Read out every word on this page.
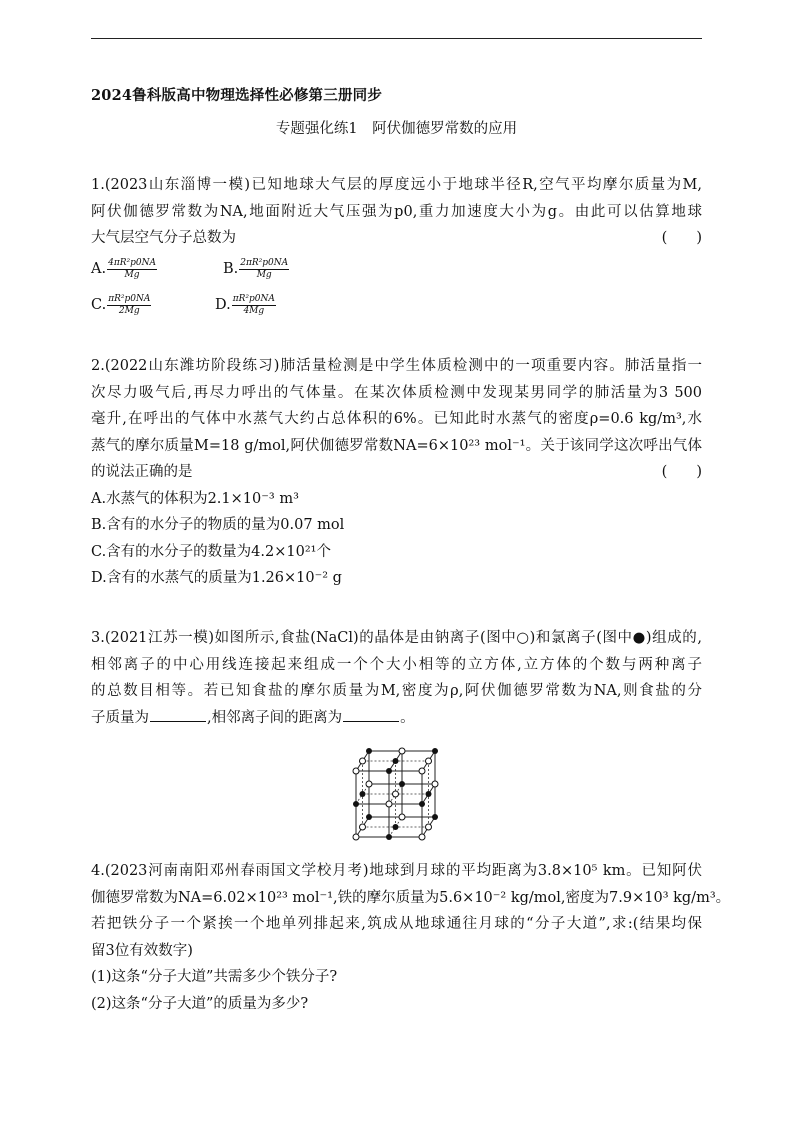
2024鲁科版高中物理选择性必修第三册同步
专题强化练1　阿伏伽德罗常数的应用
1.(2023山东淄博一模)已知地球大气层的厚度远小于地球半径R,空气平均摩尔质量为M,
阿伏伽德罗常数为NA,地面附近大气压强为p0,重力加速度大小为g。由此可以估算地球
大气层空气分子总数为	(　　)
A. $\frac{\text{4πR²p0NA}}{Mg}$	B. $\frac{\text{2πR²p0NA}}{Mg}$
C. $\frac{\text{πR²p0NA}}{2Mg}$	D. $\frac{\text{πR²p0NA}}{4Mg}$
2.(2022山东潍坊阶段练习)肺活量检测是中学生体质检测中的一项重要内容。肺活量指一
次尽力吸气后,再尽力呼出的气体量。在某次体质检测中发现某男同学的肺活量为3 500
毫升,在呼出的气体中水蒸气大约占总体积的6%。已知此时水蒸气的密度ρ=0.6 kg/m³,水
蒸气的摩尔质量M=18 g/mol,阿伏伽德罗常数NA=6×10²³ mol⁻¹。关于该同学这次呼出气体
的说法正确的是	(　　)
A.水蒸气的体积为2.1×10⁻³ m³
B.含有的水分子的物质的量为0.07 mol
C.含有的水分子的数量为4.2×10²¹个
D.含有的水蒸气的质量为1.26×10⁻² g
3.(2021江苏一模)如图所示,食盐(NaCl)的晶体是由钠离子(图中○)和氯离子(图中●)组成的,
相邻离子的中心用线连接起来组成一个个大小相等的立方体,立方体的个数与两种离子
的总数目相等。若已知食盐的摩尔质量为M,密度为ρ,阿伏伽德罗常数为NA,则食盐的分
子质量为	,相邻离子间的距离为	。
4.(2023河南南阳邓州春雨国文学校月考)地球到月球的平均距离为3.8×10⁵ km。已知阿伏
伽德罗常数为NA=6.02×10²³ mol⁻¹,铁的摩尔质量为5.6×10⁻² kg/mol,密度为7.9×10³ kg/m³。
若把铁分子一个紧挨一个地单列排起来,筑成从地球通往月球的“分子大道”,求:(结果均保
留3位有效数字)
(1)这条“分子大道”共需多少个铁分子?
(2)这条“分子大道”的质量为多少?
